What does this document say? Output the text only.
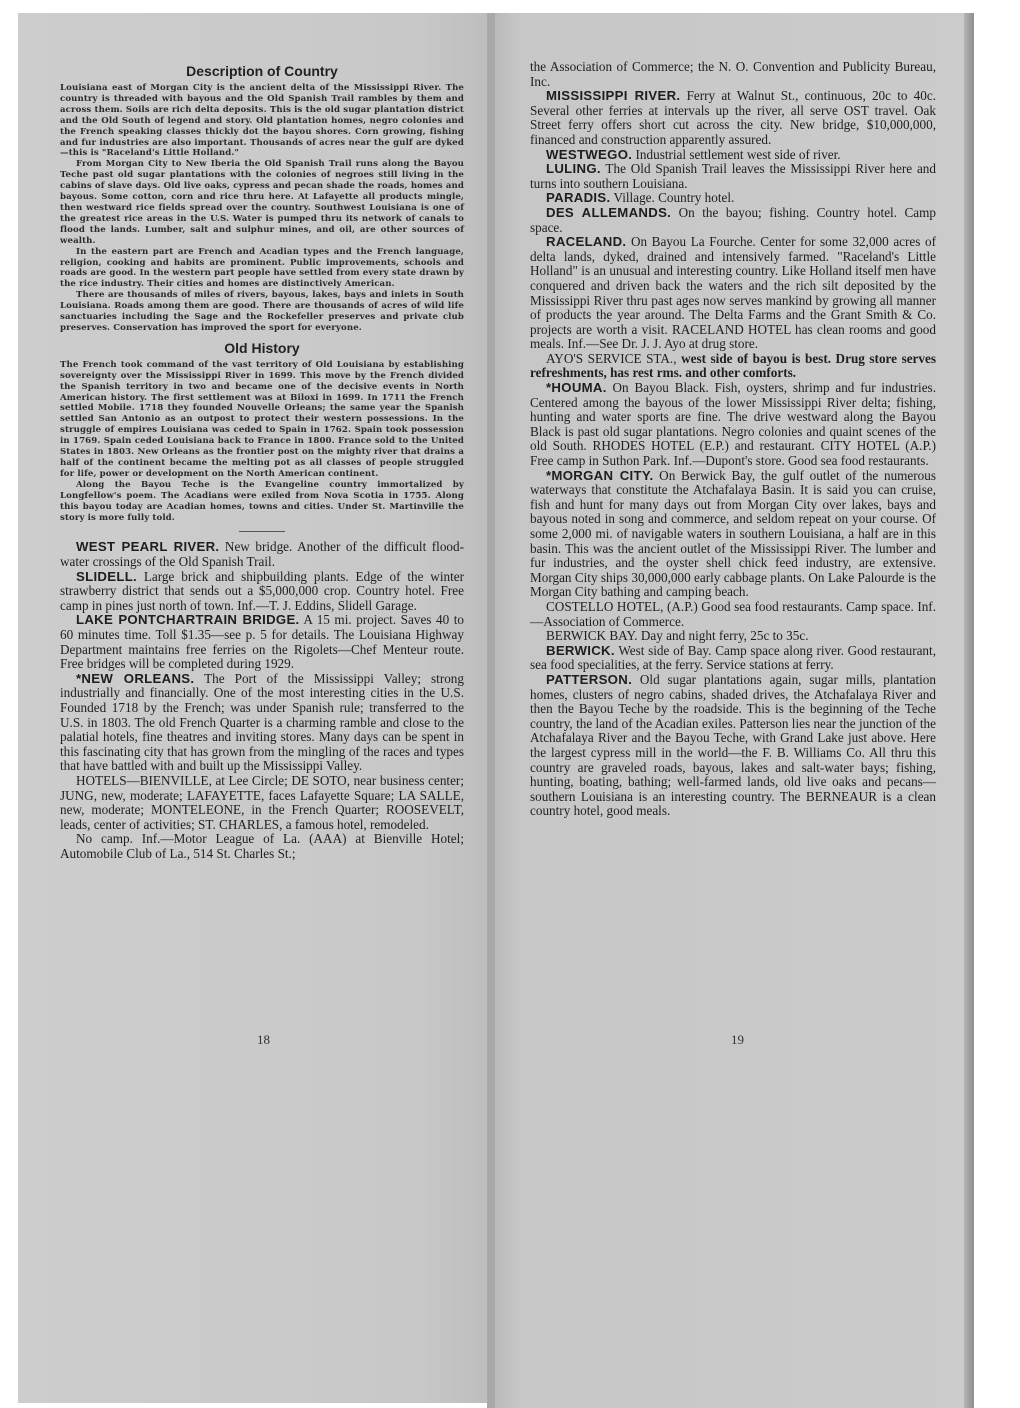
Description of Country

Louisiana east of Morgan City is the ancient delta of the Mississippi River. The country is threaded with bayous and the Old Spanish Trail rambles by them and across them. Soils are rich delta deposits. This is the old sugar plantation district and the Old South of legend and story. Old plantation homes, negro colonies and the French speaking classes thickly dot the bayou shores. Corn growing, fishing and fur industries are also important. Thousands of acres near the gulf are dyked—this is "Raceland's Little Holland."

From Morgan City to New Iberia the Old Spanish Trail runs along the Bayou Teche past old sugar plantations with the colonies of negroes still living in the cabins of slave days. Old live oaks, cypress and pecan shade the roads, homes and bayous. Some cotton, corn and rice thru here. At Lafayette all products mingle, then westward rice fields spread over the country. Southwest Louisiana is one of the greatest rice areas in the U.S. Water is pumped thru its network of canals to flood the lands. Lumber, salt and sulphur mines, and oil, are other sources of wealth.

In the eastern part are French and Acadian types and the French language, religion, cooking and habits are prominent. Public improvements, schools and roads are good. In the western part people have settled from every state drawn by the rice industry. Their cities and homes are distinctively American.

There are thousands of miles of rivers, bayous, lakes, bays and inlets in South Louisiana. Roads among them are good. There are thousands of acres of wild life sanctuaries including the Sage and the Rockefeller preserves and private club preserves. Conservation has improved the sport for everyone.

Old History

The French took command of the vast territory of Old Louisiana by establishing sovereignty over the Mississippi River in 1699. This move by the French divided the Spanish territory in two and became one of the decisive events in North American history. The first settlement was at Biloxi in 1699. In 1711 the French settled Mobile. 1718 they founded Nouvelle Orleans; the same year the Spanish settled San Antonio as an outpost to protect their western possessions. In the struggle of empires Louisiana was ceded to Spain in 1762. Spain took possession in 1769. Spain ceded Louisiana back to France in 1800. France sold to the United States in 1803. New Orleans as the frontier post on the mighty river that drains a half of the continent became the melting pot as all classes of people struggled for life, power or development on the North American continent.

Along the Bayou Teche is the Evangeline country immortalized by Longfellow's poem. The Acadians were exiled from Nova Scotia in 1755. Along this bayou today are Acadian homes, towns and cities. Under St. Martinville the story is more fully told.

WEST PEARL RIVER. New bridge. Another of the difficult flood-water crossings of the Old Spanish Trail.

SLIDELL. Large brick and shipbuilding plants. Edge of the winter strawberry district that sends out a $5,000,000 crop. Country hotel. Free camp in pines just north of town. Inf.—T. J. Eddins, Slidell Garage.

LAKE PONTCHARTRAIN BRIDGE. A 15 mi. project. Saves 40 to 60 minutes time. Toll $1.35—see p. 5 for details. The Louisiana Highway Department maintains free ferries on the Rigolets—Chef Menteur route. Free bridges will be completed during 1929.

*NEW ORLEANS. The Port of the Mississippi Valley; strong industrially and financially. One of the most interesting cities in the U.S. Founded 1718 by the French; was under Spanish rule; transferred to the U.S. in 1803. The old French Quarter is a charming ramble and close to the palatial hotels, fine theatres and inviting stores. Many days can be spent in this fascinating city that has grown from the mingling of the races and types that have battled with and built up the Mississippi Valley.

HOTELS—BIENVILLE, at Lee Circle; DE SOTO, near business center; JUNG, new, moderate; LAFAYETTE, faces Lafayette Square; LA SALLE, new, moderate; MONTELEONE, in the French Quarter; ROOSEVELT, leads, center of activities; ST. CHARLES, a famous hotel, remodeled.

No camp. Inf.—Motor League of La. (AAA) at Bienville Hotel; Automobile Club of La., 514 St. Charles St.;

the Association of Commerce; the N. O. Convention and Publicity Bureau, Inc.

MISSISSIPPI RIVER. Ferry at Walnut St., continuous, 20c to 40c. Several other ferries at intervals up the river, all serve OST travel. Oak Street ferry offers short cut across the city. New bridge, $10,000,000, financed and construction apparently assured.

WESTWEGO. Industrial settlement west side of river.

LULING. The Old Spanish Trail leaves the Mississippi River here and turns into southern Louisiana.

PARADIS. Village. Country hotel.

DES ALLEMANDS. On the bayou; fishing. Country hotel. Camp space.

RACELAND. On Bayou La Fourche. Center for some 32,000 acres of delta lands, dyked, drained and intensively farmed. "Raceland's Little Holland" is an unusual and interesting country. Like Holland itself men have conquered and driven back the waters and the rich silt deposited by the Mississippi River thru past ages now serves mankind by growing all manner of products the year around. The Delta Farms and the Grant Smith & Co. projects are worth a visit. RACELAND HOTEL has clean rooms and good meals. Inf.—See Dr. J. J. Ayo at drug store.

AYO'S SERVICE STA., west side of bayou is best. Drug store serves refreshments, has rest rms. and other comforts.

*HOUMA. On Bayou Black. Fish, oysters, shrimp and fur industries. Centered among the bayous of the lower Mississippi River delta; fishing, hunting and water sports are fine. The drive westward along the Bayou Black is past old sugar plantations. Negro colonies and quaint scenes of the old South. RHODES HOTEL (E.P.) and restaurant. CITY HOTEL (A.P.) Free camp in Suthon Park. Inf.—Dupont's store. Good sea food restaurants.

*MORGAN CITY. On Berwick Bay, the gulf outlet of the numerous waterways that constitute the Atchafalaya Basin. It is said you can cruise, fish and hunt for many days out from Morgan City over lakes, bays and bayous noted in song and commerce, and seldom repeat on your course. Of some 2,000 mi. of navigable waters in southern Louisiana, a half are in this basin. This was the ancient outlet of the Mississippi River. The lumber and fur industries, and the oyster shell chick feed industry, are extensive. Morgan City ships 30,000,000 early cabbage plants. On Lake Palourde is the Morgan City bathing and camping beach.

COSTELLO HOTEL, (A.P.) Good sea food restaurants. Camp space. Inf.—Association of Commerce.

BERWICK BAY. Day and night ferry, 25c to 35c.

BERWICK. West side of Bay. Camp space along river. Good restaurant, sea food specialities, at the ferry. Service stations at ferry.

PATTERSON. Old sugar plantations again, sugar mills, plantation homes, clusters of negro cabins, shaded drives, the Atchafalaya River and then the Bayou Teche by the roadside. This is the beginning of the Teche country, the land of the Acadian exiles. Patterson lies near the junction of the Atchafalaya River and the Bayou Teche, with Grand Lake just above. Here the largest cypress mill in the world—the F. B. Williams Co. All thru this country are graveled roads, bayous, lakes and salt-water bays; fishing, hunting, boating, bathing; well-farmed lands, old live oaks and pecans—southern Louisiana is an interesting country. The BERNEAUR is a clean country hotel, good meals.

18	19
